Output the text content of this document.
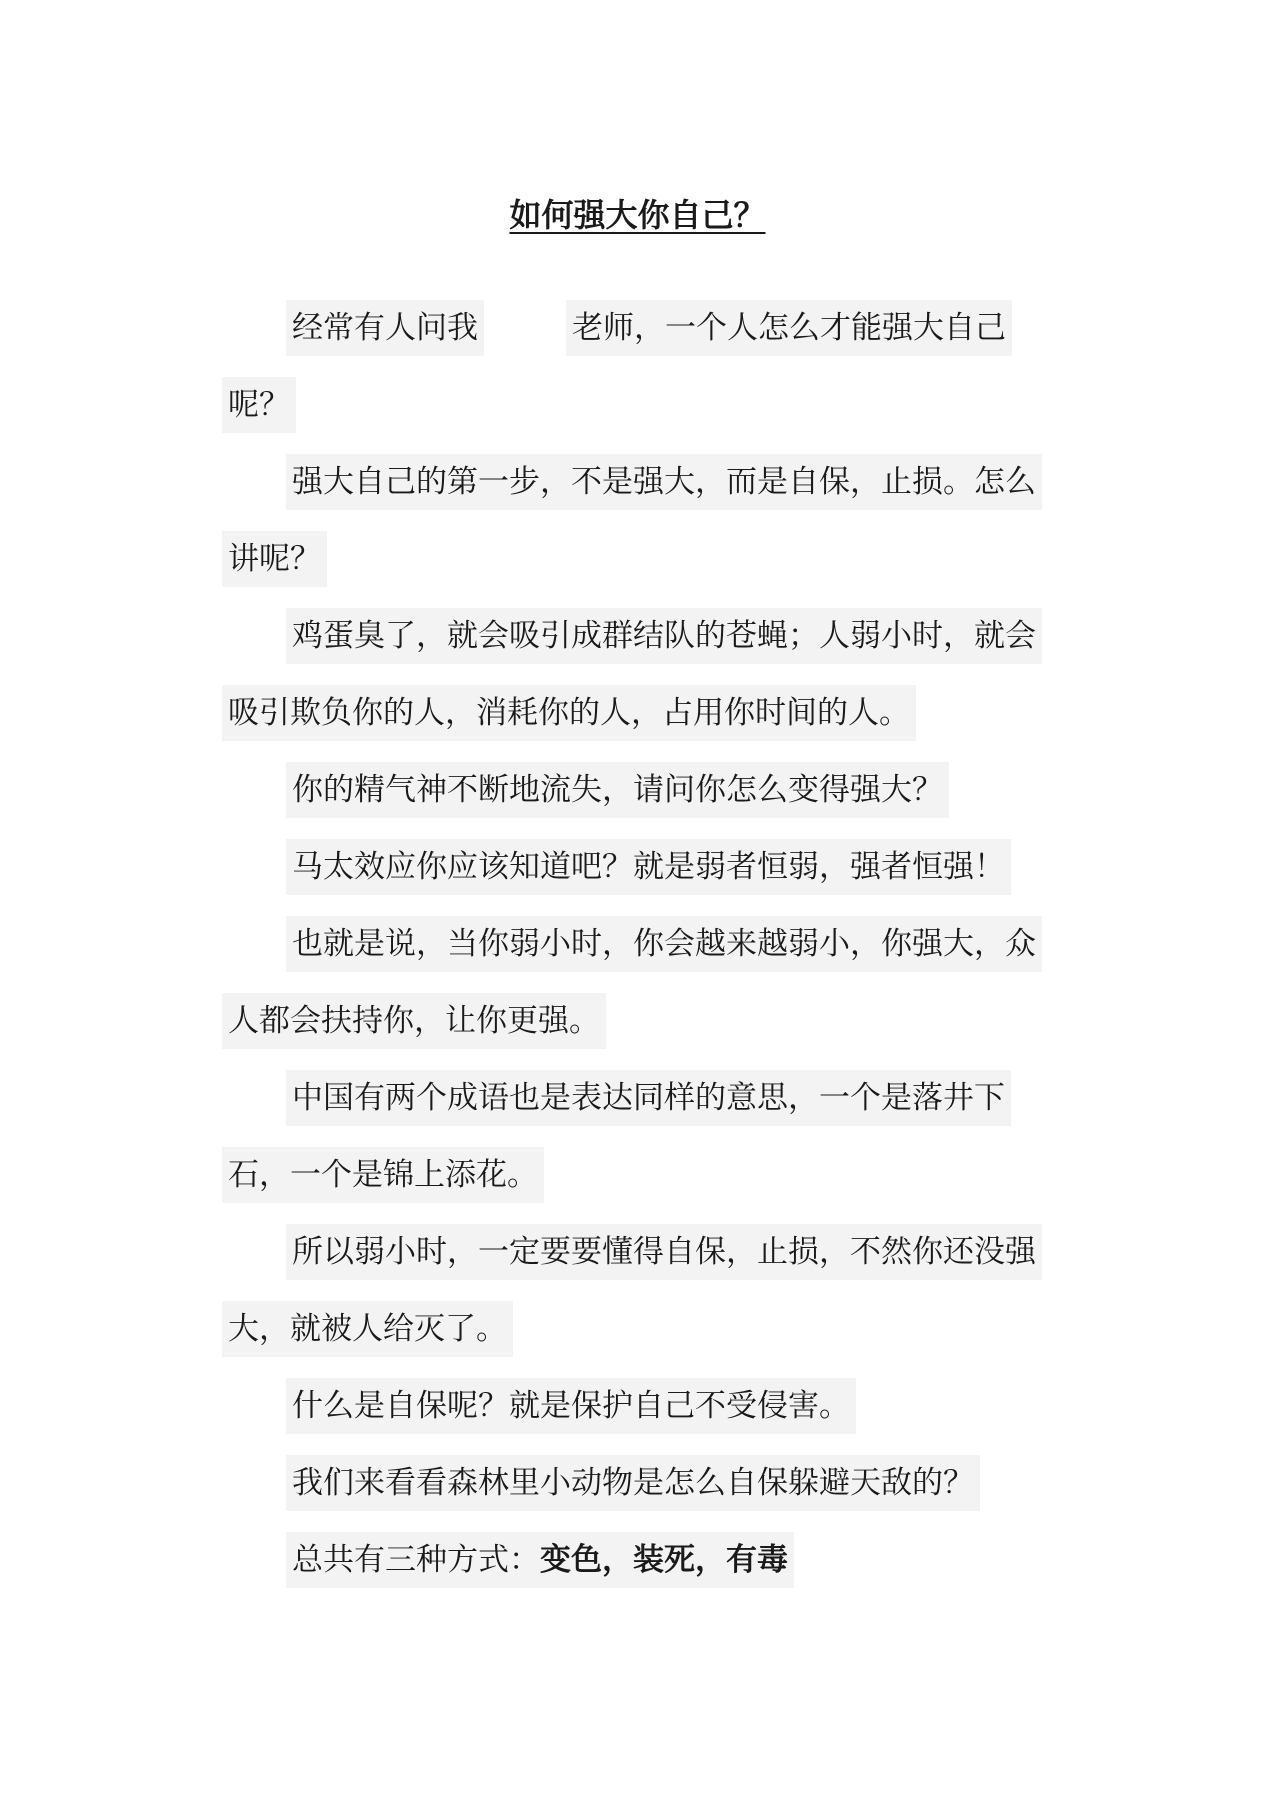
如何强大你自己？

经常有人问我	老师，一个人怎么才能强大自己呢？

强大自己的第一步，不是强大，而是自保，止损。怎么讲呢？

鸡蛋臭了，就会吸引成群结队的苍蝇；人弱小时，就会吸引欺负你的人，消耗你的人，占用你时间的人。

你的精气神不断地流失，请问你怎么变得强大？

马太效应你应该知道吧？就是弱者恒弱，强者恒强！

也就是说，当你弱小时，你会越来越弱小，你强大，众人都会扶持你，让你更强。

中国有两个成语也是表达同样的意思，一个是落井下石，一个是锦上添花。

所以弱小时，一定要要懂得自保，止损，不然你还没强大，就被人给灭了。

什么是自保呢？就是保护自己不受侵害。

我们来看看森林里小动物是怎么自保躲避天敌的？

总共有三种方式：变色，装死，有毒
